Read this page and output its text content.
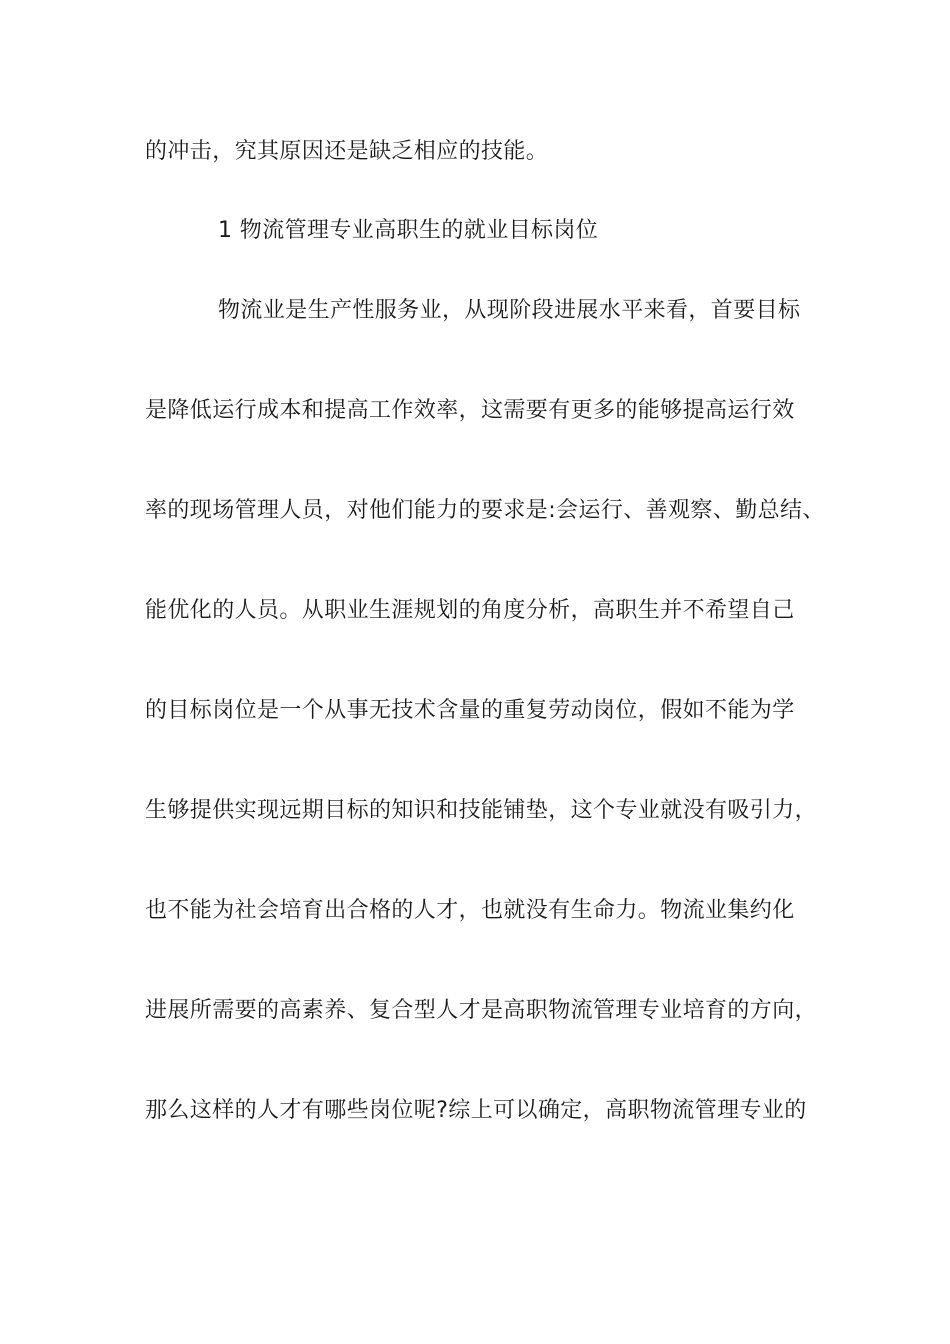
的冲击，究其原因还是缺乏相应的技能。
1 物流管理专业高职生的就业目标岗位
物流业是生产性服务业，从现阶段进展水平来看，首要目标
是降低运行成本和提高工作效率，这需要有更多的能够提高运行效
率的现场管理人员，对他们能力的要求是:会运行、善观察、勤总结、
能优化的人员。从职业生涯规划的角度分析，高职生并不希望自己
的目标岗位是一个从事无技术含量的重复劳动岗位，假如不能为学
生够提供实现远期目标的知识和技能铺垫，这个专业就没有吸引力，
也不能为社会培育出合格的人才，也就没有生命力。物流业集约化
进展所需要的高素养、复合型人才是高职物流管理专业培育的方向，
那么这样的人才有哪些岗位呢?综上可以确定，高职物流管理专业的
